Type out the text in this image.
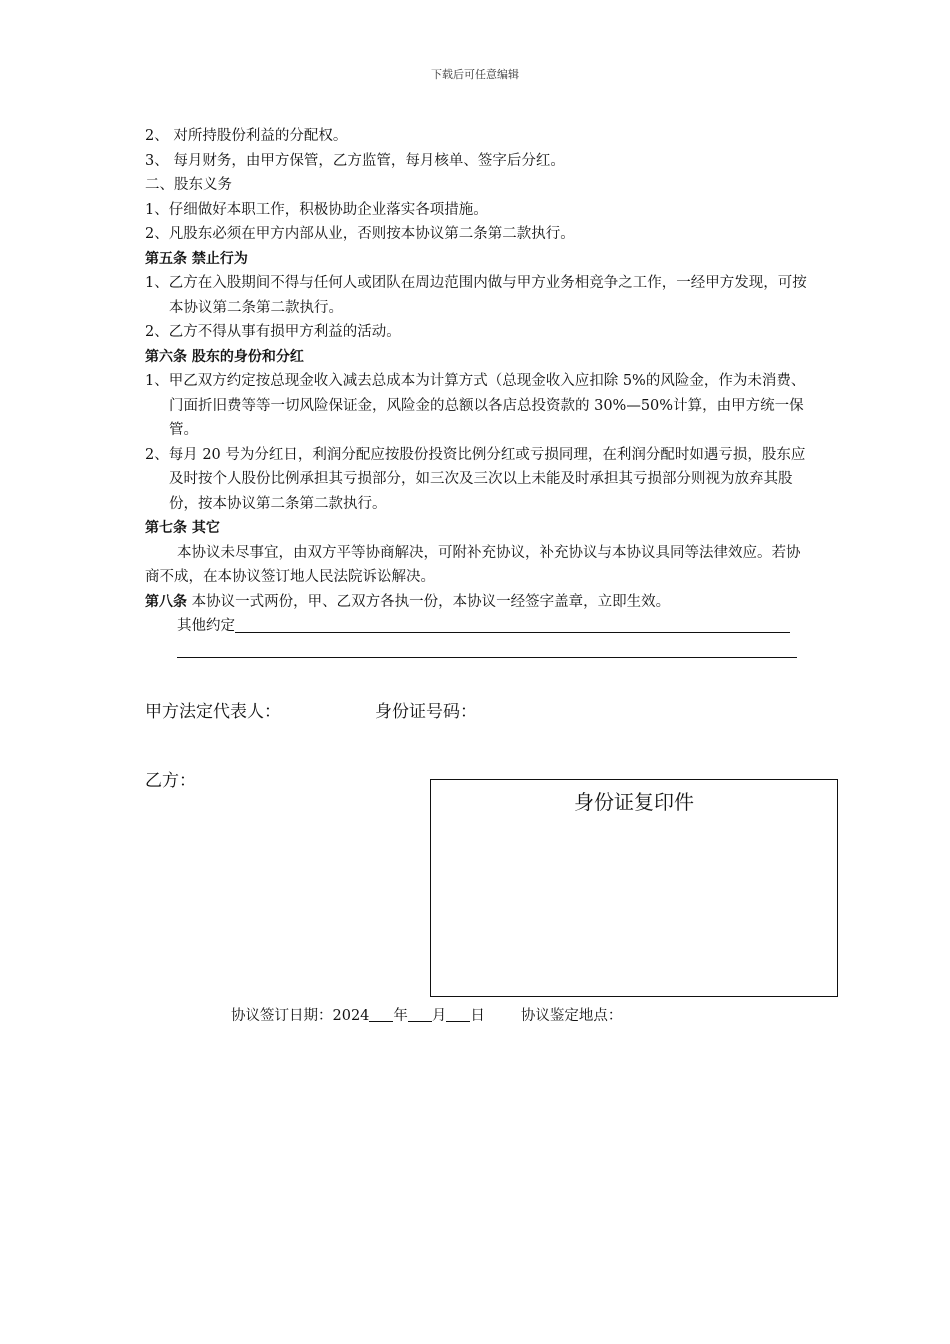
下载后可任意编辑
2、 对所持股份利益的分配权。
3、 每月财务，由甲方保管，乙方监管，每月核单、签字后分红。
二、股东义务
1、仔细做好本职工作，积极协助企业落实各项措施。
2、凡股东必须在甲方内部从业，否则按本协议第二条第二款执行。
第五条 禁止行为
1、乙方在入股期间不得与任何人或团队在周边范围内做与甲方业务相竞争之工作，一经甲方发现，可按本协议第二条第二款执行。
2、乙方不得从事有损甲方利益的活动。
第六条 股东的身份和分红
1、甲乙双方约定按总现金收入减去总成本为计算方式（总现金收入应扣除 5%的风险金，作为未消费、门面折旧费等等一切风险保证金，风险金的总额以各店总投资款的 30%—50%计算，由甲方统一保管。
2、每月 20 号为分红日，利润分配应按股份投资比例分红或亏损同理，在利润分配时如遇亏损，股东应及时按个人股份比例承担其亏损部分，如三次及三次以上未能及时承担其亏损部分则视为放弃其股份，按本协议第二条第二款执行。
第七条 其它
本协议未尽事宜，由双方平等协商解决，可附补充协议，补充协议与本协议具同等法律效应。若协商不成，在本协议签订地人民法院诉讼解决。
第八条 本协议一式两份，甲、乙双方各执一份，本协议一经签字盖章，立即生效。
其他约定
甲方法定代表人：	身份证号码：
乙方：
身份证复印件
协议签订日期：2024 年 月 日 协议鉴定地点：
